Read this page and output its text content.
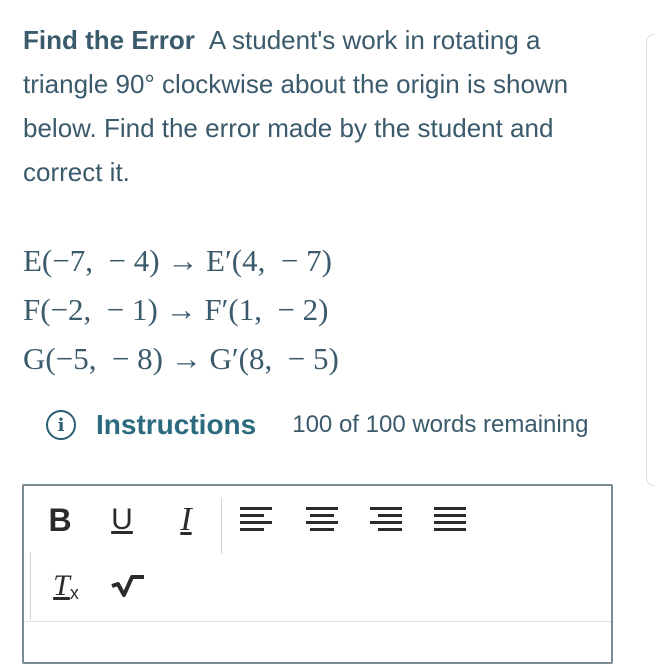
Find the Error A student's work in rotating a triangle 90° clockwise about the origin is shown below. Find the error made by the student and correct it.
E(−7,  − 4) → E′(4,  − 7)
F(−2,  − 1) → F′(1,  − 2)
G(−5,  − 8) → G′(8,  − 5)
i Instructions 100 of 100 words remaining
B U I
T x
